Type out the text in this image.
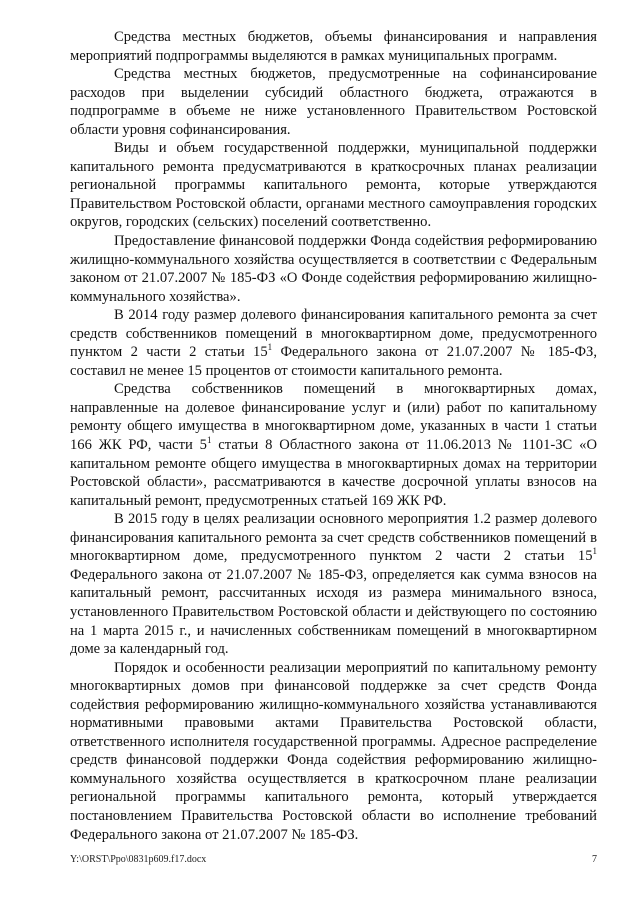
Средства местных бюджетов, объемы финансирования и направления мероприятий подпрограммы выделяются в рамках муниципальных программ.

Средства местных бюджетов, предусмотренные на софинансирование расходов при выделении субсидий областного бюджета, отражаются в подпрограмме в объеме не ниже установленного Правительством Ростовской области уровня софинансирования.

Виды и объем государственной поддержки, муниципальной поддержки капитального ремонта предусматриваются в краткосрочных планах реализации региональной программы капитального ремонта, которые утверждаются Правительством Ростовской области, органами местного самоуправления городских округов, городских (сельских) поселений соответственно.

Предоставление финансовой поддержки Фонда содействия реформированию жилищно-коммунального хозяйства осуществляется в соответствии с Федеральным законом от 21.07.2007 № 185-ФЗ «О Фонде содействия реформированию жилищно-коммунального хозяйства».

В 2014 году размер долевого финансирования капитального ремонта за счет средств собственников помещений в многоквартирном доме, предусмотренного пунктом 2 части 2 статьи $15^1$ Федерального закона от 21.07.2007 № 185-ФЗ, составил не менее 15 процентов от стоимости капитального ремонта.

Средства собственников помещений в многоквартирных домах, направленные на долевое финансирование услуг и (или) работ по капитальному ремонту общего имущества в многоквартирном доме, указанных в части 1 статьи 166 ЖК РФ, части $5^1$ статьи 8 Областного закона от 11.06.2013 № 1101-ЗС «О капитальном ремонте общего имущества в многоквартирных домах на территории Ростовской области», рассматриваются в качестве досрочной уплаты взносов на капитальный ремонт, предусмотренных статьей 169 ЖК РФ.

В 2015 году в целях реализации основного мероприятия 1.2 размер долевого финансирования капитального ремонта за счет средств собственников помещений в многоквартирном доме, предусмотренного пунктом 2 части 2 статьи $15^1$ Федерального закона от 21.07.2007 № 185-ФЗ, определяется как сумма взносов на капитальный ремонт, рассчитанных исходя из размера минимального взноса, установленного Правительством Ростовской области и действующего по состоянию на 1 марта 2015 г., и начисленных собственникам помещений в многоквартирном доме за календарный год.

Порядок и особенности реализации мероприятий по капитальному ремонту многоквартирных домов при финансовой поддержке за счет средств Фонда содействия реформированию жилищно-коммунального хозяйства устанавливаются нормативными правовыми актами Правительства Ростовской области, ответственного исполнителя государственной программы. Адресное распределение средств финансовой поддержки Фонда содействия реформированию жилищно-коммунального хозяйства осуществляется в краткосрочном плане реализации региональной программы капитального ремонта, который утверждается постановлением Правительства Ростовской области во исполнение требований Федерального закона от 21.07.2007 № 185-ФЗ.

Y:\ORST\Ppo\0831p609.f17.docx	7
